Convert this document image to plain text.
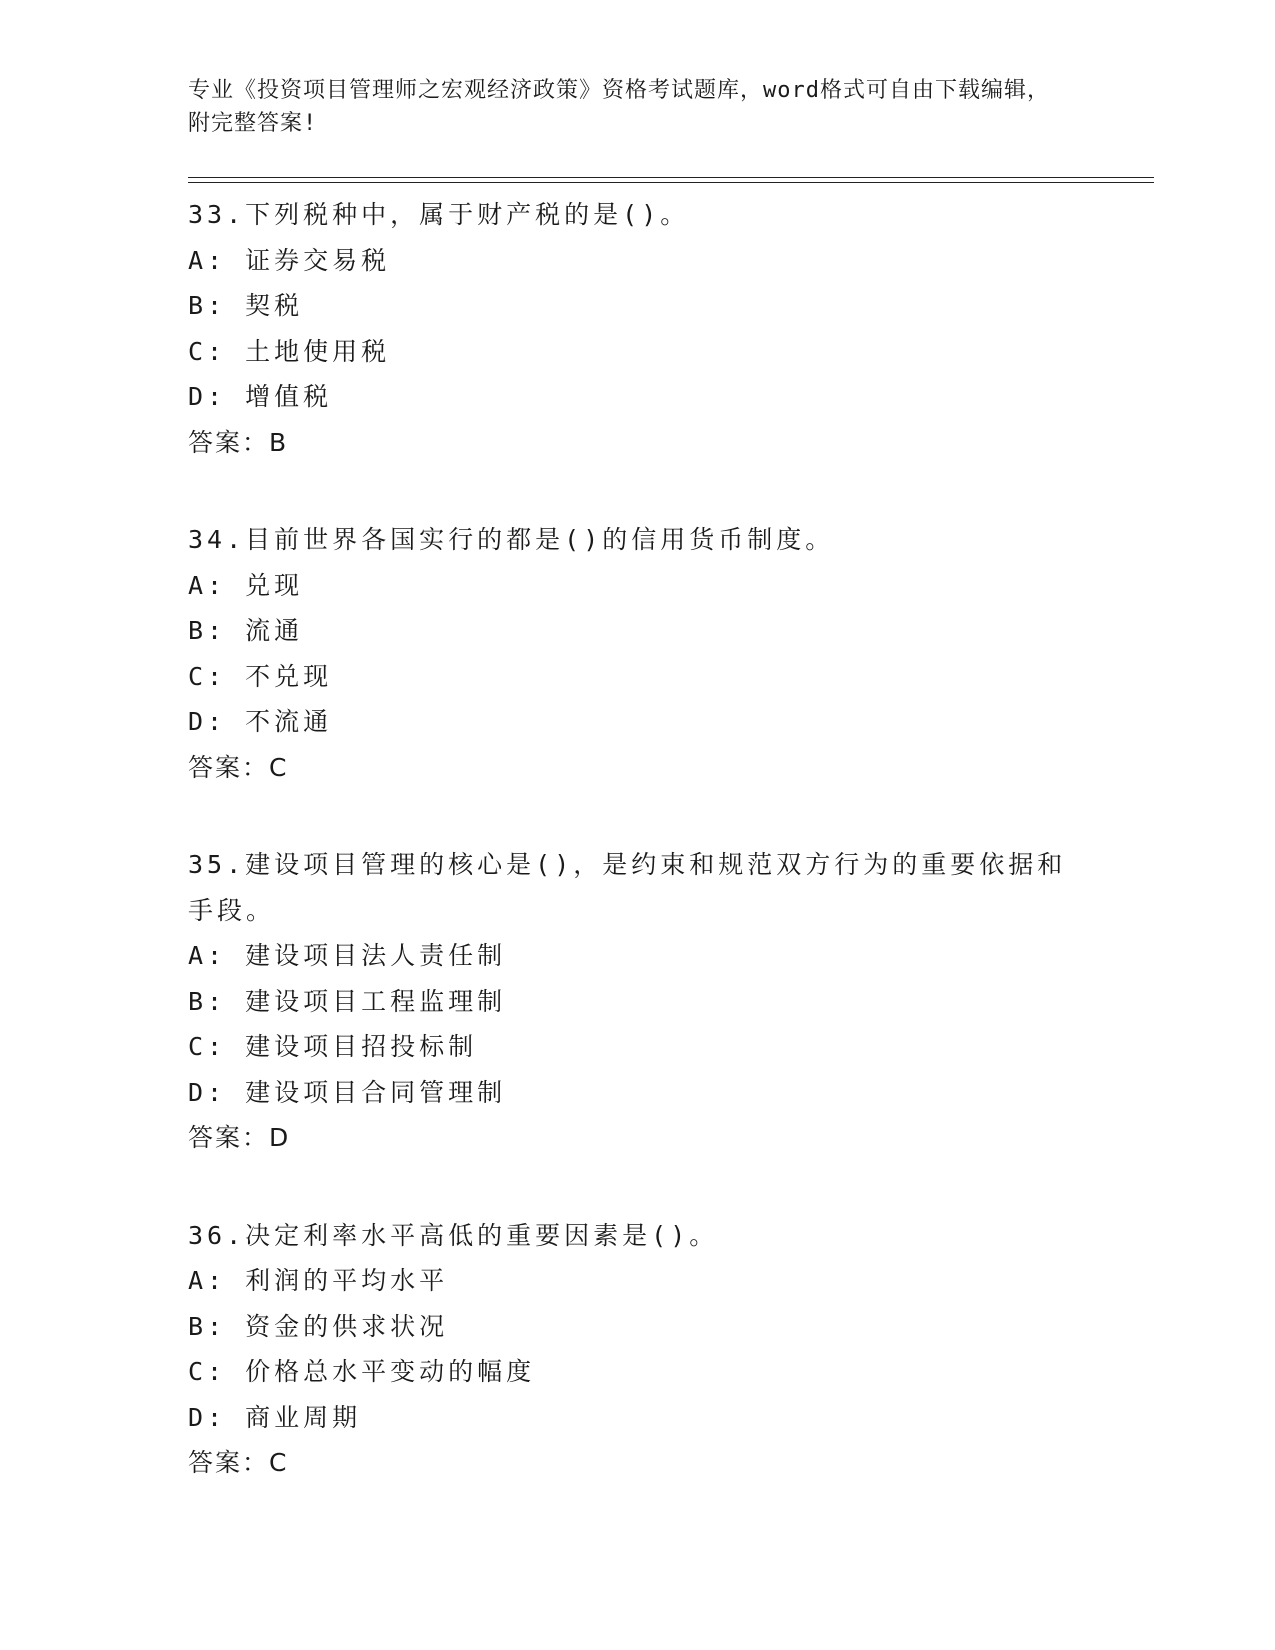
专业《投资项目管理师之宏观经济政策》资格考试题库，word格式可自由下载编辑，附完整答案!
33.下列税种中，属于财产税的是()。
A: 证券交易税
B: 契税
C: 土地使用税
D: 增值税
答案：B
34.目前世界各国实行的都是()的信用货币制度。
A: 兑现
B: 流通
C: 不兑现
D: 不流通
答案：C
35.建设项目管理的核心是()，是约束和规范双方行为的重要依据和手段。
A: 建设项目法人责任制
B: 建设项目工程监理制
C: 建设项目招投标制
D: 建设项目合同管理制
答案：D
36.决定利率水平高低的重要因素是()。
A: 利润的平均水平
B: 资金的供求状况
C: 价格总水平变动的幅度
D: 商业周期
答案：C
